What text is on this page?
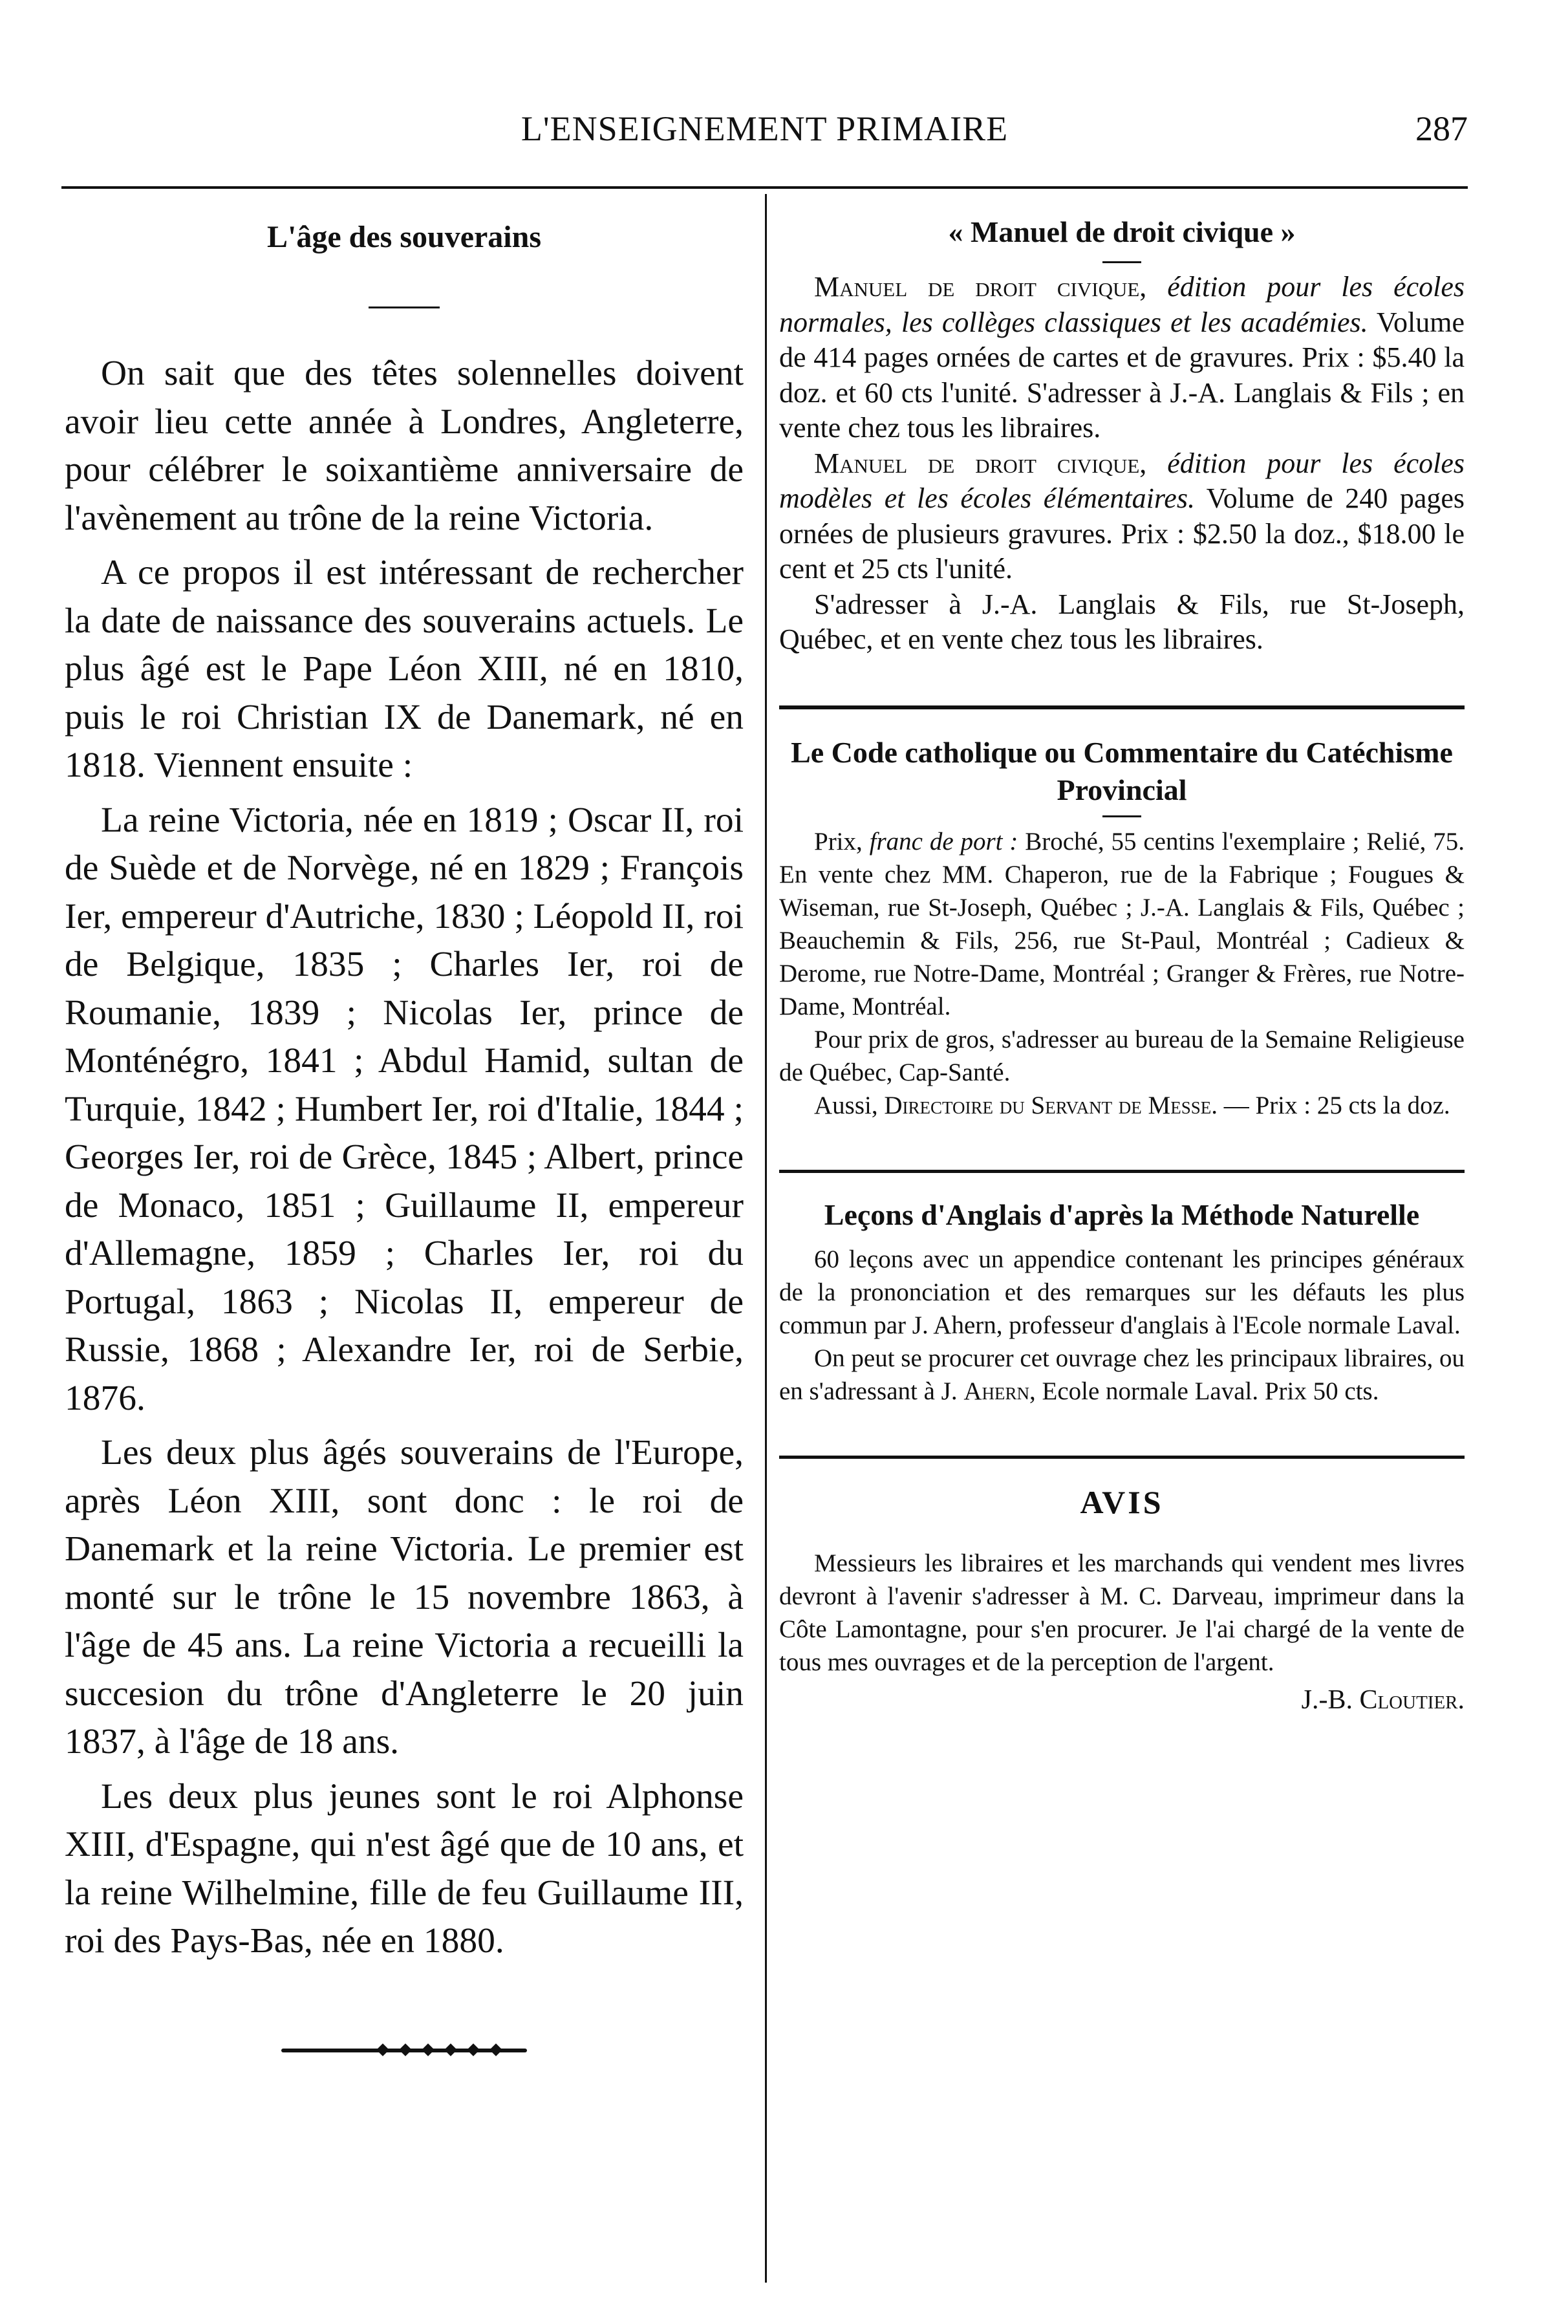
L'ENSEIGNEMENT PRIMAIRE	287
L'âge des souverains

On sait que des têtes solennelles doivent avoir lieu cette année à Londres, Angleterre, pour célébrer le soixantième anniversaire de l'avènement au trône de la reine Victoria.

A ce propos il est intéressant de rechercher la date de naissance des souverains actuels. Le plus âgé est le Pape Léon XIII, né en 1810, puis le roi Christian IX de Danemark, né en 1818. Viennent ensuite :

La reine Victoria, née en 1819 ; Oscar II, roi de Suède et de Norvège, né en 1829 ; François Ier, empereur d'Autriche, 1830 ; Léopold II, roi de Belgique, 1835 ; Charles Ier, roi de Roumanie, 1839 ; Nicolas Ier, prince de Monténégro, 1841 ; Abdul Hamid, sultan de Turquie, 1842 ; Humbert Ier, roi d'Italie, 1844 ; Georges Ier, roi de Grèce, 1845 ; Albert, prince de Monaco, 1851 ; Guillaume II, empereur d'Allemagne, 1859 ; Charles Ier, roi du Portugal, 1863 ; Nicolas II, empereur de Russie, 1868 ; Alexandre Ier, roi de Serbie, 1876.

Les deux plus âgés souverains de l'Europe, après Léon XIII, sont donc : le roi de Danemark et la reine Victoria. Le premier est monté sur le trône le 15 novembre 1863, à l'âge de 45 ans. La reine Victoria a recueilli la succesion du trône d'Angleterre le 20 juin 1837, à l'âge de 18 ans.

Les deux plus jeunes sont le roi Alphonse XIII, d'Espagne, qui n'est âgé que de 10 ans, et la reine Wilhelmine, fille de feu Guillaume III, roi des Pays-Bas, née en 1880.

« Manuel de droit civique »

Manuel de droit civique, édition pour les écoles normales, les collèges classiques et les académies. Volume de 414 pages ornées de cartes et de gravures. Prix : $5.40 la doz. et 60 cts l'unité. S'adresser à J.-A. Langlais & Fils ; en vente chez tous les libraires.

Manuel de droit civique, édition pour les écoles modèles et les écoles élémentaires. Volume de 240 pages ornées de plusieurs gravures. Prix : $2.50 la doz., $18.00 le cent et 25 cts l'unité.

S'adresser à J.-A. Langlais & Fils, rue St-Joseph, Québec, et en vente chez tous les libraires.

Le Code catholique ou Commentaire du Catéchisme Provincial

Prix, franc de port : Broché, 55 centins l'exemplaire ; Relié, 75. En vente chez MM. Chaperon, rue de la Fabrique ; Fougues & Wiseman, rue St-Joseph, Québec ; J.-A. Langlais & Fils, Québec ; Beauchemin & Fils, 256, rue St-Paul, Montréal ; Cadieux & Derome, rue Notre-Dame, Montréal ; Granger & Frères, rue Notre-Dame, Montréal.

Pour prix de gros, s'adresser au bureau de la Semaine Religieuse de Québec, Cap-Santé.

Aussi, Directoire du Servant de Messe. — Prix : 25 cts la doz.

Leçons d'Anglais d'après la Méthode Naturelle

60 leçons avec un appendice contenant les principes généraux de la prononciation et des remarques sur les défauts les plus commun par J. Ahern, professeur d'anglais à l'Ecole normale Laval.

On peut se procurer cet ouvrage chez les principaux libraires, ou en s'adressant à J. Ahern, Ecole normale Laval. Prix 50 cts.

AVIS

Messieurs les libraires et les marchands qui vendent mes livres devront à l'avenir s'adresser à M. C. Darveau, imprimeur dans la Côte Lamontagne, pour s'en procurer. Je l'ai chargé de la vente de tous mes ouvrages et de la perception de l'argent.

J.-B. Cloutier.
